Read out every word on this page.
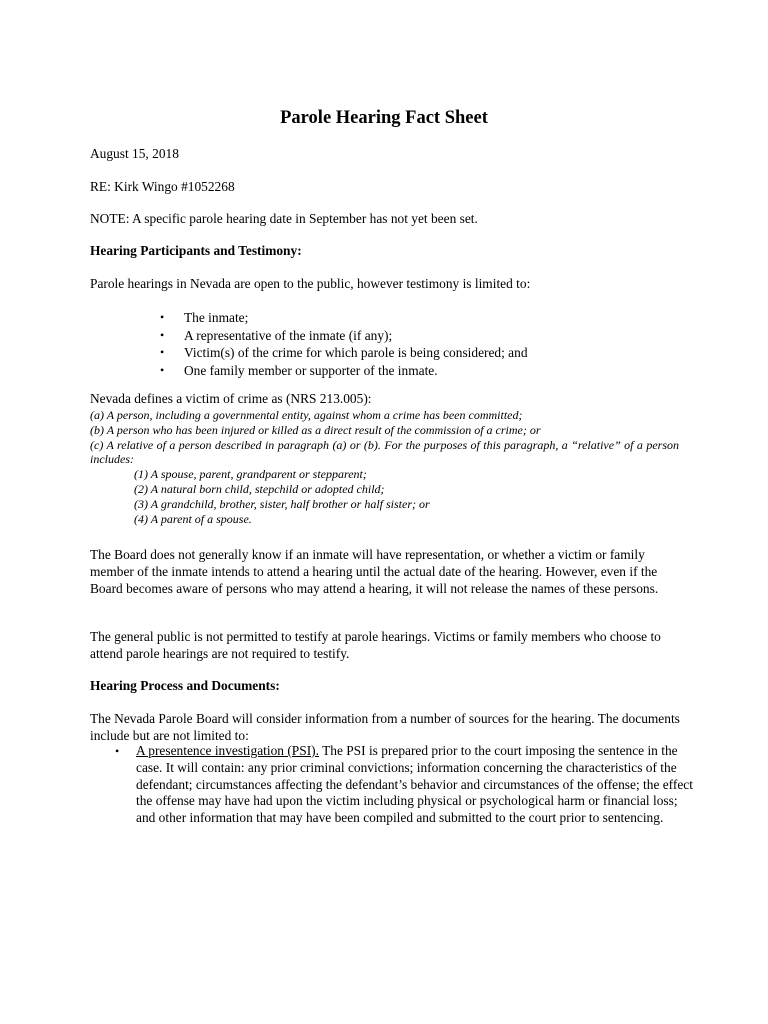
Parole Hearing Fact Sheet

August 15, 2018

RE: Kirk Wingo #1052268

NOTE: A specific parole hearing date in September has not yet been set.

Hearing Participants and Testimony:

Parole hearings in Nevada are open to the public, however testimony is limited to:

• The inmate;
• A representative of the inmate (if any);
• Victim(s) of the crime for which parole is being considered; and
• One family member or supporter of the inmate.

Nevada defines a victim of crime as (NRS 213.005):

(a) A person, including a governmental entity, against whom a crime has been committed;

(b) A person who has been injured or killed as a direct result of the commission of a crime; or

(c) A relative of a person described in paragraph (a) or (b). For the purposes of this paragraph, a “relative” of a person includes:

(1) A spouse, parent, grandparent or stepparent;

(2) A natural born child, stepchild or adopted child;

(3) A grandchild, brother, sister, half brother or half sister; or

(4) A parent of a spouse.

The Board does not generally know if an inmate will have representation, or whether a victim or family member of the inmate intends to attend a hearing until the actual date of the hearing. However, even if the Board becomes aware of persons who may attend a hearing, it will not release the names of these persons.

The general public is not permitted to testify at parole hearings. Victims or family members who choose to attend parole hearings are not required to testify.

Hearing Process and Documents:

The Nevada Parole Board will consider information from a number of sources for the hearing. The documents include but are not limited to:

• A presentence investigation (PSI). The PSI is prepared prior to the court imposing the sentence in the case. It will contain: any prior criminal convictions; information concerning the characteristics of the defendant; circumstances affecting the defendant’s behavior and circumstances of the offense; the effect the offense may have had upon the victim including physical or psychological harm or financial loss; and other information that may have been compiled and submitted to the court prior to sentencing.
